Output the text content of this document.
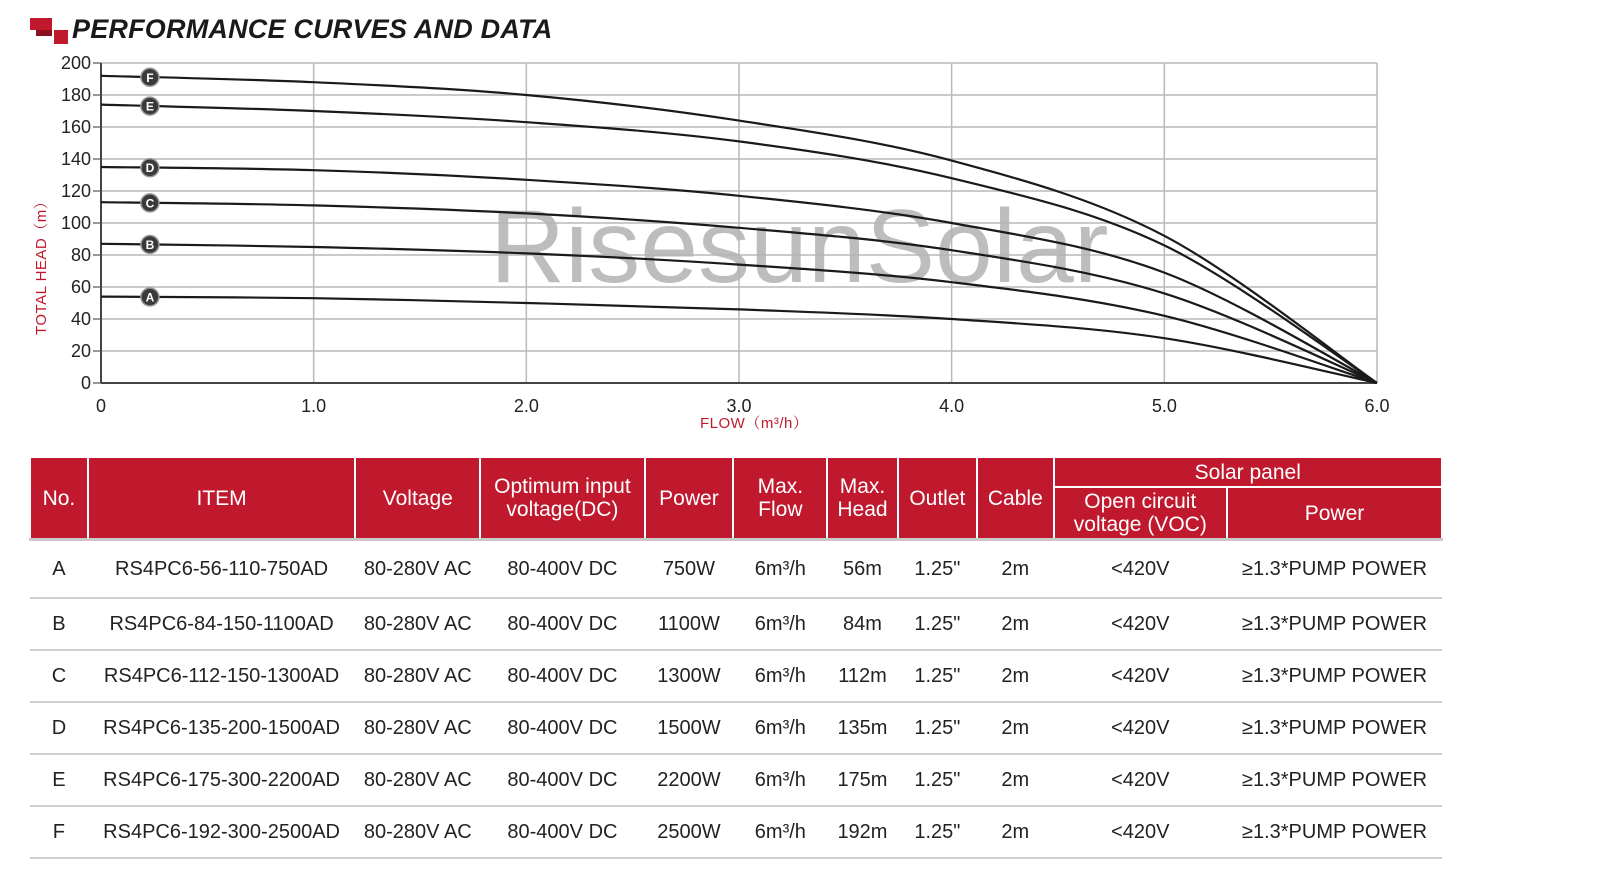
PERFORMANCE CURVES AND DATA
RisesunSolar
A
B
C
D
E
F
0
20
40
60
80
100
120
140
160
180
200
0	1.0	2.0	3.0	4.0	5.0	6.0
FLOW（m³/h）
TOTAL HEAD（m）
No.	ITEM	Voltage	Optimum input voltage(DC)	Power	Max. Flow	Max. Head	Outlet	Cable	Solar panel	
									Open circuit voltage (VOC)	Power
A	RS4PC6-56-110-750AD	80-280V AC	80-400V DC	750W	6m³/h	56m	1.25"	2m	<420V	≥1.3*PUMP POWER
B	RS4PC6-84-150-1100AD	80-280V AC	80-400V DC	1100W	6m³/h	84m	1.25"	2m	<420V	≥1.3*PUMP POWER
C	RS4PC6-112-150-1300AD	80-280V AC	80-400V DC	1300W	6m³/h	112m	1.25"	2m	<420V	≥1.3*PUMP POWER
D	RS4PC6-135-200-1500AD	80-280V AC	80-400V DC	1500W	6m³/h	135m	1.25"	2m	<420V	≥1.3*PUMP POWER
E	RS4PC6-175-300-2200AD	80-280V AC	80-400V DC	2200W	6m³/h	175m	1.25"	2m	<420V	≥1.3*PUMP POWER
F	RS4PC6-192-300-2500AD	80-280V AC	80-400V DC	2500W	6m³/h	192m	1.25"	2m	<420V	≥1.3*PUMP POWER
